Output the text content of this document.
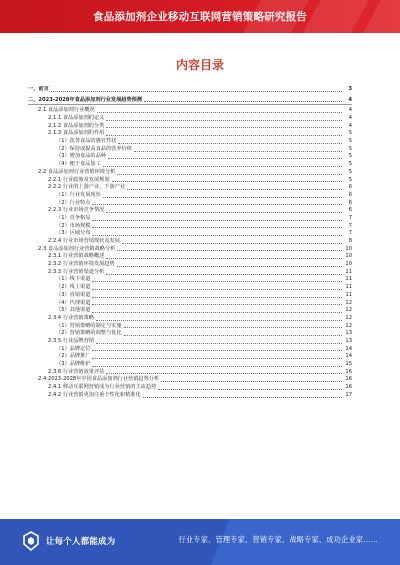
食品添加剂企业移动互联网营销策略研究报告
内容目录
一、前言	3
二、2023-2028年食品添加剂行业发展趋势预测	4
2.1 食品添加剂行业概况	4
2.1.1 食品添加剂的定义	4
2.1.2 食品添加剂的分类	4
2.1.3 食品添加剂的作用	5
（1）改善食品的感官性状	5
（2）保持或提高食品的营养价值	5
（3）增加食品的品种	5
（4）便于食品加工	5
2.2 食品添加剂行业营销环境分析	5
2.2.1 行业政策及发展规划	5
2.2.2 行业的上游产业、下游产业	6
（1）行业发展现状	6
（2）行业特点	6
2.2.3 行业市场竞争情况	6
（1）竞争格局	7
（2）市场规模	7
（3）区域分布	7
2.2.4 行业市场营销现状及发展	8
2.3 食品添加剂行业营销战略分析	10
2.3.1 行业营销战略概述	10
2.3.2 行业营销环境发展趋势	10
2.3.3 行业营销渠道分析	11
（1）线下渠道	11
（2）线上渠道	11
（3）直销渠道	11
（4）代理渠道	12
（5）其他渠道	12
2.3.4 行业营销策略	12
（1）营销策略的制定与实施	12
（2）营销策略的调整与优化	13
2.3.5 行业品牌营销	13
（1）品牌定位	14
（2）品牌推广	14
（3）品牌维护	15
2.3.6 行业营销效果评估	16
2.4 2023-2028年中国食品添加剂行业营销趋势分析	16
2.4.1 移动互联网营销成为行业营销的主流趋势	16
2.4.2 行业营销更加注重个性化和精准化	17
让每个人都能成为	行业专家、管理专家、营销专家、战略专家、成功企业家……
